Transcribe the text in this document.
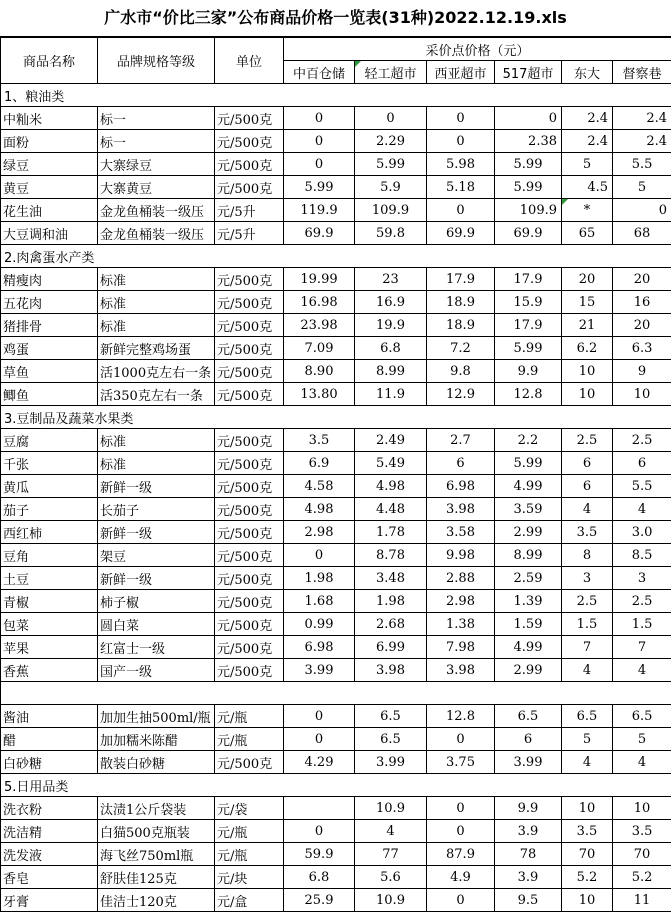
广水市“价比三家”公布商品价格一览表(31种)2022.12.19.xls
商品名称	品牌规格等级	单位	采价点价格（元）					
			中百仓储	轻工超市	西亚超市	517超市	东大	督察巷
1、粮油类								
中籼米	标一	元/500克	0	0	0	0	2.4	2.4
面粉	标一	元/500克	0	2.29	0	2.38	2.4	2.4
绿豆	大寨绿豆	元/500克	0	5.99	5.98	5.99	5	5.5
黄豆	大寨黄豆	元/500克	5.99	5.9	5.18	5.99	4.5	5
花生油	金龙鱼桶装一级压	元/5升	119.9	109.9	0	109.9	*	0
大豆调和油	金龙鱼桶装一级压	元/5升	69.9	59.8	69.9	69.9	65	68
2.肉禽蛋水产类								
精瘦肉	标准	元/500克	19.99	23	17.9	17.9	20	20
五花肉	标准	元/500克	16.98	16.9	18.9	15.9	15	16
猪排骨	标准	元/500克	23.98	19.9	18.9	17.9	21	20
鸡蛋	新鲜完整鸡场蛋	元/500克	7.09	6.8	7.2	5.99	6.2	6.3
草鱼	活1000克左右一条	元/500克	8.90	8.99	9.8	9.9	10	9
鲫鱼	活350克左右一条	元/500克	13.80	11.9	12.9	12.8	10	10
3.豆制品及蔬菜水果类								
豆腐	标准	元/500克	3.5	2.49	2.7	2.2	2.5	2.5
千张	标准	元/500克	6.9	5.49	6	5.99	6	6
黄瓜	新鲜一级	元/500克	4.58	4.98	6.98	4.99	6	5.5
茄子	长茄子	元/500克	4.98	4.48	3.98	3.59	4	4
西红柿	新鲜一级	元/500克	2.98	1.78	3.58	2.99	3.5	3.0
豆角	架豆	元/500克	0	8.78	9.98	8.99	8	8.5
土豆	新鲜一级	元/500克	1.98	3.48	2.88	2.59	3	3
青椒	柿子椒	元/500克	1.68	1.98	2.98	1.39	2.5	2.5
包菜	圆白菜	元/500克	0.99	2.68	1.38	1.59	1.5	1.5
苹果	红富士一级	元/500克	6.98	6.99	7.98	4.99	7	7
香蕉	国产一级	元/500克	3.99	3.98	3.98	2.99	4	4

酱油	加加生抽500ml/瓶	元/瓶	0	6.5	12.8	6.5	6.5	6.5
醋	加加糯米陈醋	元/瓶	0	6.5	0	6	5	5
白砂糖	散装白砂糖	元/500克	4.29	3.99	3.75	3.99	4	4
5.日用品类								
洗衣粉	汰渍1公斤袋装	元/袋		10.9	0	9.9	10	10
洗洁精	白猫500克瓶装	元/瓶	0	4	0	3.9	3.5	3.5
洗发液	海飞丝750ml瓶	元/瓶	59.9	77	87.9	78	70	70
香皂	舒肤佳125克	元/块	6.8	5.6	4.9	3.9	5.2	5.2
牙膏	佳洁士120克	元/盒	25.9	10.9	0	9.5	10	11
